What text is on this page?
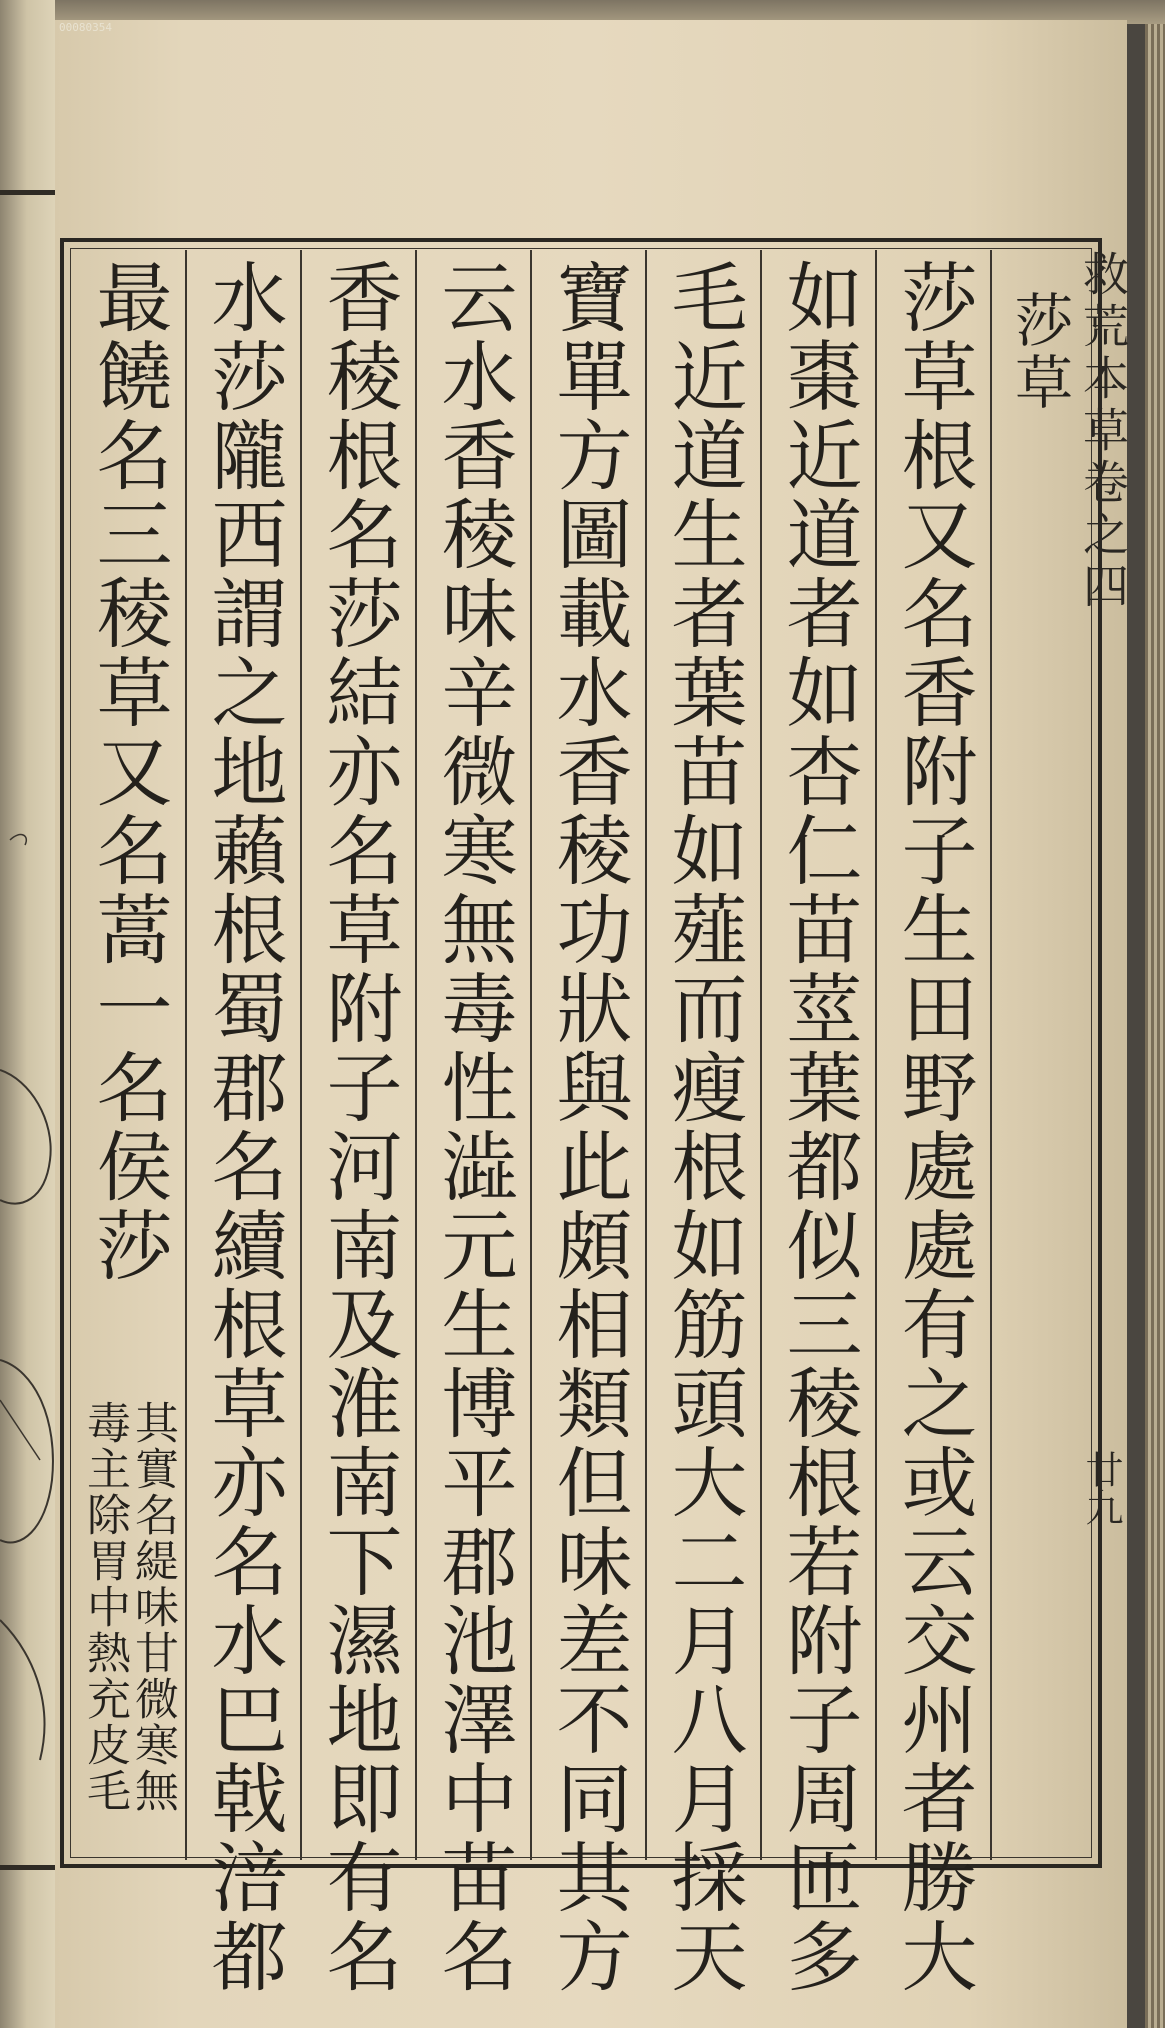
00080354
救荒本草卷之四
廿九
莎草
莎草根又名香附子生田野處處有之或云交州者勝大
如棗近道者如杏仁苗莖葉都似三稜根若附子周匝多
毛近道生者葉苗如薤而瘦根如筋頭大二月八月採天
寶單方圖載水香稜功狀與此頗相類但味差不同其方
云水香稜味辛微寒無毒性澁元生博平郡池澤中苗名
香稜根名莎結亦名草附子河南及淮南下濕地即有名
水莎隴西謂之地藾根蜀郡名續根草亦名水巴戟涪都
最饒名三稜草又名蒿一名侯莎
其實名緹味甘微寒無
毒主除胃中熱充皮毛
